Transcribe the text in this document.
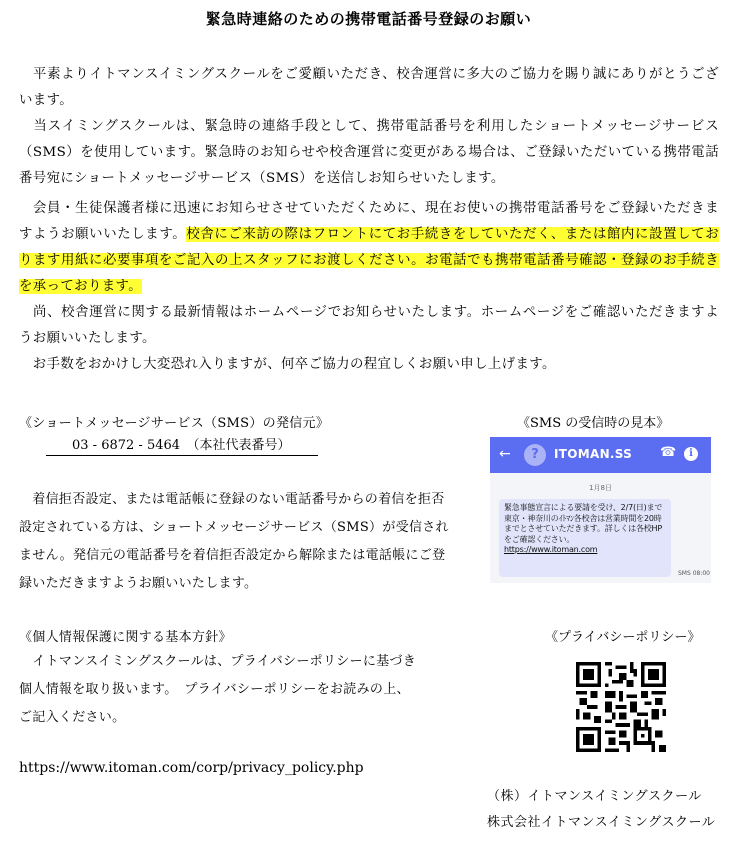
緊急時連絡のための携帯電話番号登録のお願い
　平素よりイトマンスイミングスクールをご愛顧いただき、校舎運営に多大のご協力を賜り誠にありがとうございます。
　当スイミングスクールは、緊急時の連絡手段として、携帯電話番号を利用したショートメッセージサービス（SMS）を使用しています。緊急時のお知らせや校舎運営に変更がある場合は、ご登録いただいている携帯電話番号宛にショートメッセージサービス（SMS）を送信しお知らせいたします。
　会員・生徒保護者様に迅速にお知らせさせていただくために、現在お使いの携帯電話番号をご登録いただきますようお願いいたします。校舎にご来訪の際はフロントにてお手続きをしていただく、または館内に設置しております用紙に必要事項をご記入の上スタッフにお渡しください。お電話でも携帯電話番号確認・登録のお手続きを承っております。
　尚、校舎運営に関する最新情報はホームページでお知らせいたします。ホームページをご確認いただきますようお願いいたします。
　お手数をおかけし大変恐れ入りますが、何卒ご協力の程宜しくお願い申し上げます。
《ショートメッセージサービス（SMS）の発信元》
03 - 6872 - 5464　（本社代表番号）
　着信拒否設定、または電話帳に登録のない電話番号からの着信を拒否設定されている方は、ショートメッセージサービス（SMS）が受信されません。発信元の電話番号を着信拒否設定から解除または電話帳にご登録いただきますようお願いいたします。
《SMS の受信時の見本》
←	?	ITOMAN.SS ☎	i
1月8日
緊急事態宣言による要請を受け、2/7(日)まで東京・神奈川のｲﾄﾏﾝ各校舎は営業時間を20時までとさせていただきます。詳しくは各校HPをご確認ください。
https://www.itoman.com
SMS 08:00
《個人情報保護に関する基本方針》
　イトマンスイミングスクールは、プライバシーポリシーに基づき個人情報を取り扱います。　プライバシーポリシーをお読みの上、ご記入ください。
https://www.itoman.com/corp/privacy_policy.php
《プライバシーポリシー》
（株）イトマンスイミングスクール
株式会社イトマンスイミングスクール
